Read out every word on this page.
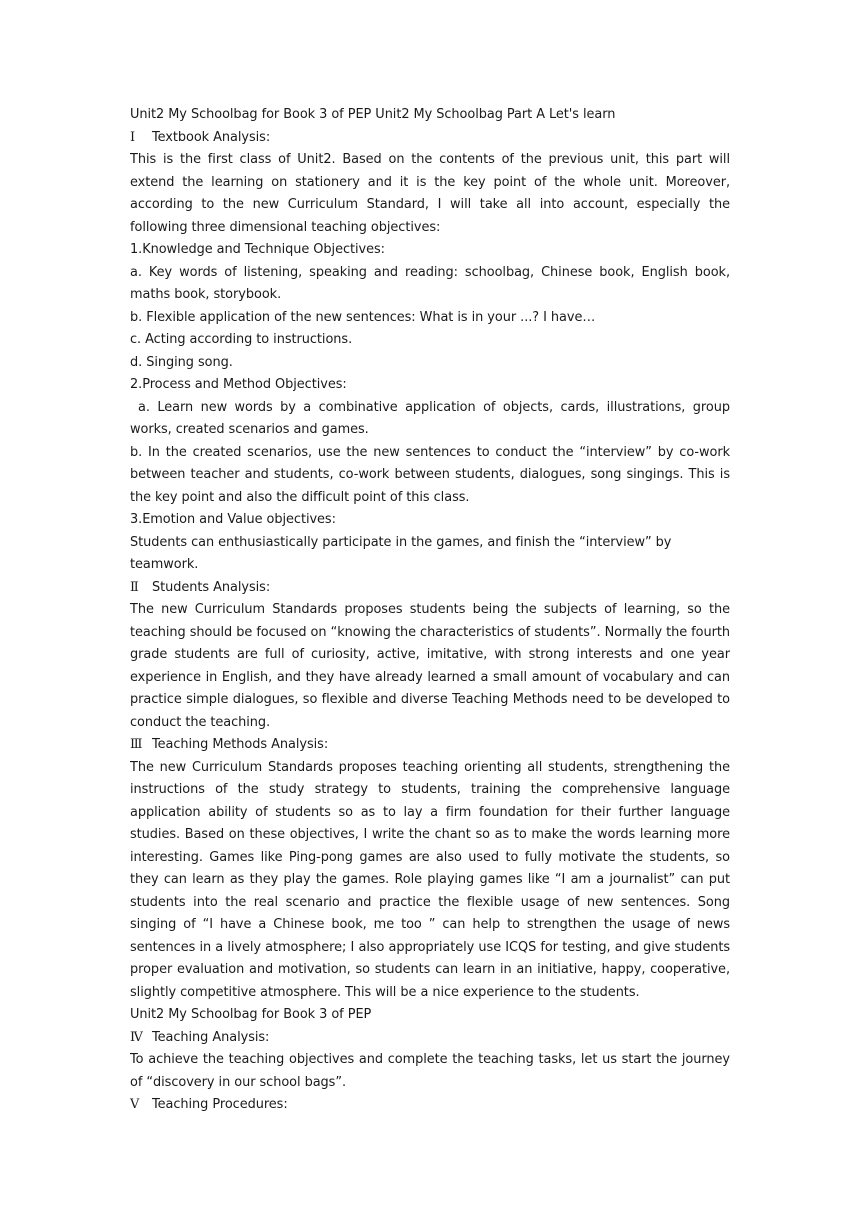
Unit2 My Schoolbag for Book 3 of PEP Unit2 My Schoolbag Part A Let's learn

Ⅰ Textbook Analysis:

This is the first class of Unit2. Based on the contents of the previous unit, this part will extend the learning on stationery and it is the key point of the whole unit. Moreover, according to the new Curriculum Standard, I will take all into account, especially the following three dimensional teaching objectives:

1.Knowledge and Technique Objectives:

a. Key words of listening, speaking and reading: schoolbag, Chinese book, English book, maths book, storybook.

b. Flexible application of the new sentences: What is in your ...? I have…

c. Acting according to instructions.

d. Singing song.

2.Process and Method Objectives:

a. Learn new words by a combinative application of objects, cards, illustrations, group works, created scenarios and games.

b. In the created scenarios, use the new sentences to conduct the “interview” by co-work between teacher and students, co-work between students, dialogues, song singings. This is the key point and also the difficult point of this class.

3.Emotion and Value objectives:

Students can enthusiastically participate in the games, and finish the “interview” by teamwork.

Ⅱ Students Analysis:

The new Curriculum Standards proposes students being the subjects of learning, so the teaching should be focused on “knowing the characteristics of students”. Normally the fourth grade students are full of curiosity, active, imitative, with strong interests and one year experience in English, and they have already learned a small amount of vocabulary and can practice simple dialogues, so flexible and diverse Teaching Methods need to be developed to conduct the teaching.

Ⅲ Teaching Methods Analysis:

The new Curriculum Standards proposes teaching orienting all students, strengthening the instructions of the study strategy to students, training the comprehensive language application ability of students so as to lay a firm foundation for their further language studies. Based on these objectives, I write the chant so as to make the words learning more interesting. Games like Ping-pong games are also used to fully motivate the students, so they can learn as they play the games. Role playing games like “I am a journalist” can put students into the real scenario and practice the flexible usage of new sentences. Song singing of “I have a Chinese book, me too ” can help to strengthen the usage of news sentences in a lively atmosphere; I also appropriately use ICQS for testing, and give students proper evaluation and motivation, so students can learn in an initiative, happy, cooperative, slightly competitive atmosphere. This will be a nice experience to the students.

Unit2 My Schoolbag for Book 3 of PEP

Ⅳ Teaching Analysis:

To achieve the teaching objectives and complete the teaching tasks, let us start the journey of “discovery in our school bags”.

Ⅴ Teaching Procedures:
